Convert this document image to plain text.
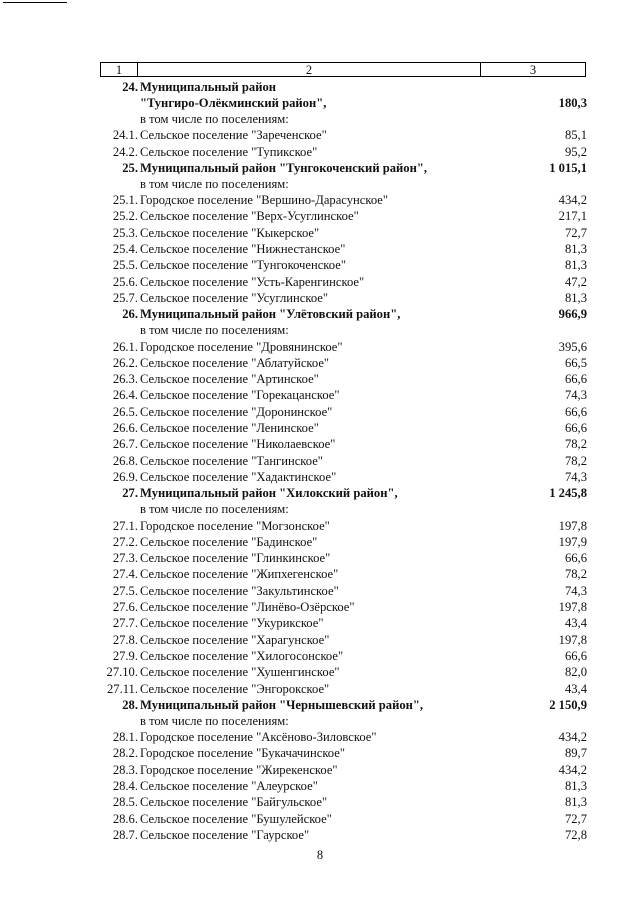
1	2	3
24. Муниципальный район
"Тунгиро-Олёкминский район",	180,3
в том числе по поселениям:
24.1. Сельское поселение "Зареченское"	85,1
24.2. Сельское поселение "Тупикское"	95,2
25. Муниципальный район "Тунгокоченский район",	1 015,1
в том числе по поселениям:
25.1. Городское поселение "Вершино-Дарасунское"	434,2
25.2. Сельское поселение "Верх-Усуглинское"	217,1
25.3. Сельское поселение "Кыкерское"	72,7
25.4. Сельское поселение "Нижнестанское"	81,3
25.5. Сельское поселение "Тунгокоченское"	81,3
25.6. Сельское поселение "Усть-Каренгинское"	47,2
25.7. Сельское поселение "Усуглинское"	81,3
26. Муниципальный район "Улётовский район",	966,9
в том числе по поселениям:
26.1. Городское поселение "Дровянинское"	395,6
26.2. Сельское поселение "Аблатуйское"	66,5
26.3. Сельское поселение "Артинское"	66,6
26.4. Сельское поселение "Горекацанское"	74,3
26.5. Сельское поселение "Доронинское"	66,6
26.6. Сельское поселение "Ленинское"	66,6
26.7. Сельское поселение "Николаевское"	78,2
26.8. Сельское поселение "Тангинское"	78,2
26.9. Сельское поселение "Хадактинское"	74,3
27. Муниципальный район "Хилокский район",	1 245,8
в том числе по поселениям:
27.1. Городское поселение "Могзонское"	197,8
27.2. Сельское поселение "Бадинское"	197,9
27.3. Сельское поселение "Глинкинское"	66,6
27.4. Сельское поселение "Жипхегенское"	78,2
27.5. Сельское поселение "Закультинское"	74,3
27.6. Сельское поселение "Линёво-Озёрское"	197,8
27.7. Сельское поселение "Укурикское"	43,4
27.8. Сельское поселение "Харагунское"	197,8
27.9. Сельское поселение "Хилогосонское"	66,6
27.10. Сельское поселение "Хушенгинское"	82,0
27.11. Сельское поселение "Энгорокское"	43,4
28. Муниципальный район "Чернышевский район",	2 150,9
в том числе по поселениям:
28.1. Городское поселение "Аксёново-Зиловское"	434,2
28.2. Городское поселение "Букачачинское"	89,7
28.3. Городское поселение "Жирекенское"	434,2
28.4. Сельское поселение "Алеурское"	81,3
28.5. Сельское поселение "Байгульское"	81,3
28.6. Сельское поселение "Бушулейское"	72,7
28.7. Сельское поселение "Гаурское"	72,8
8
